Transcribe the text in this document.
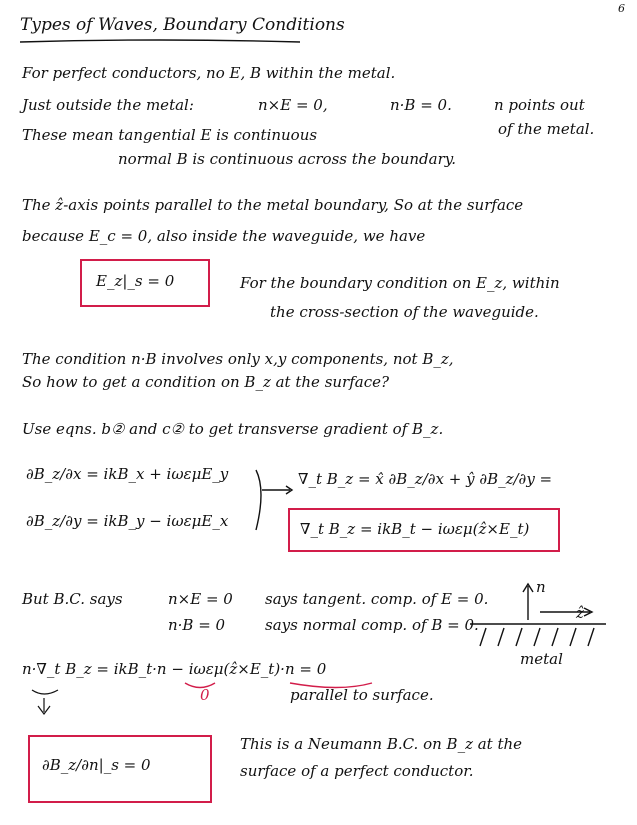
6
Types of Waves, Boundary Conditions
For perfect conductors, no E, B within the metal.
Just outside the metal:	n×E = 0,	n·B = 0.	n points out
of the metal.
These mean tangential E is continuous
normal B is continuous across the boundary.
The ẑ-axis points parallel to the metal boundary, So at the surface
because E_c = 0, also inside the waveguide, we have
E_z|_s = 0	For the boundary condition on E_z, within
the cross-section of the waveguide.
The condition n·B involves only x,y components, not B_z,
So how to get a condition on B_z at the surface?
Use eqns. b② and c② to get transverse gradient of B_z.
∂B_z/∂x = ikB_x + iωεμE_y
∂B_z/∂y = ikB_y − iωεμE_x
∇_t B_z = x̂ ∂B_z/∂x + ŷ ∂B_z/∂y =
∇_t B_z = ikB_t − iωεμ(ẑ×E_t)
But B.C. says	n×E = 0 says tangent. comp. of E = 0.
n·B = 0	says normal comp. of B = 0.
n
ẑ
metal
n·∇_t B_z = ikB_t·n − iωεμ(ẑ×E_t)·n = 0
0	parallel to surface.
∂B_z/∂n|_s = 0
This is a Neumann B.C. on B_z at the
surface of a perfect conductor.
